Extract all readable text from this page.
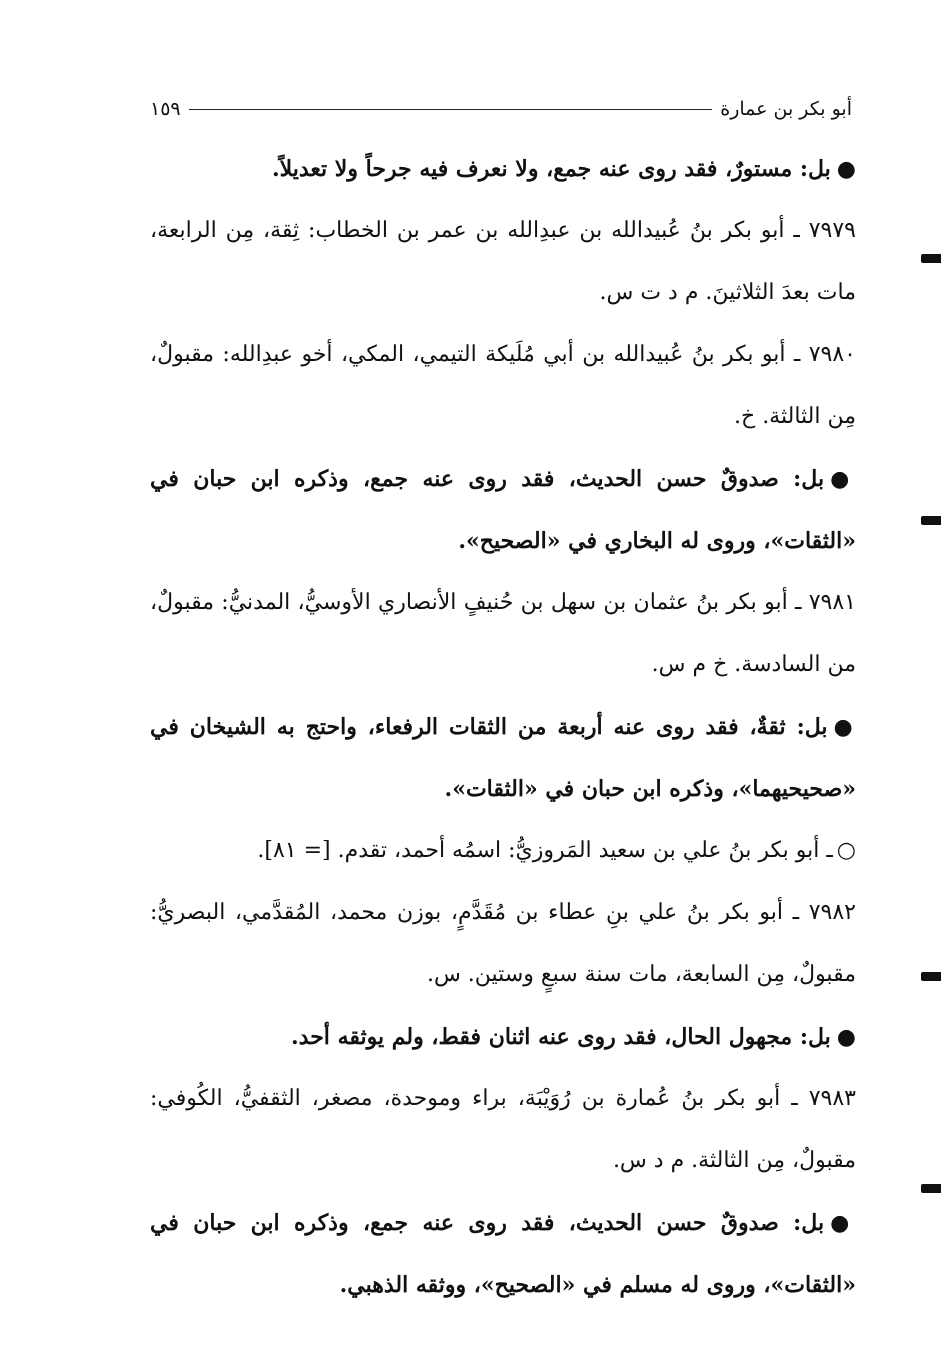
أبو بكر بن عمارة
١٥٩

●بل: مستورٌ، فقد روى عنه جمع، ولا نعرف فيه جرحاً ولا تعديلاً.

٧٩٧٩ ـ أبو بكر بنُ عُبيدالله بن عبدِالله بن عمر بن الخطاب: ثِقة، مِن الرابعة، مات بعدَ الثلاثينَ. م د ت س.

٧٩٨٠ ـ أبو بكر بنُ عُبيدالله بن أبي مُلَيكة التيمي، المكي، أخو عبدِالله: مقبولٌ، مِن الثالثة. خ.

●بل: صدوقٌ حسن الحديث، فقد روى عنه جمع، وذكره ابن حبان في «الثقات»، وروى له البخاري في «الصحيح».

٧٩٨١ ـ أبو بكر بنُ عثمان بن سهل بن حُنيفٍ الأنصاري الأوسيُّ، المدنيُّ: مقبولٌ، من السادسة. خ م س.

●بل: ثقةٌ، فقد روى عنه أربعة من الثقات الرفعاء، واحتج به الشيخان في «صحيحيهما»، وذكره ابن حبان في «الثقات».

○ـ أبو بكر بنُ علي بن سعيد المَروزيُّ: اسمُه أحمد، تقدم. [= ٨١].

٧٩٨٢ ـ أبو بكر بنُ علي بنِ عطاء بن مُقَدَّمٍ، بوزن محمد، المُقدَّمي، البصريُّ: مقبولٌ، مِن السابعة، مات سنة سبعٍ وستين. س.

●بل: مجهول الحال، فقد روى عنه اثنان فقط، ولم يوثقه أحد.

٧٩٨٣ ـ أبو بكر بنُ عُمارة بن رُوَيْبَة، براء وموحدة، مصغر، الثقفيُّ، الكُوفي: مقبولٌ، مِن الثالثة. م د س.

●بل: صدوقٌ حسن الحديث، فقد روى عنه جمع، وذكره ابن حبان في «الثقات»، وروى له مسلم في «الصحيح»، ووثقه الذهبي.
